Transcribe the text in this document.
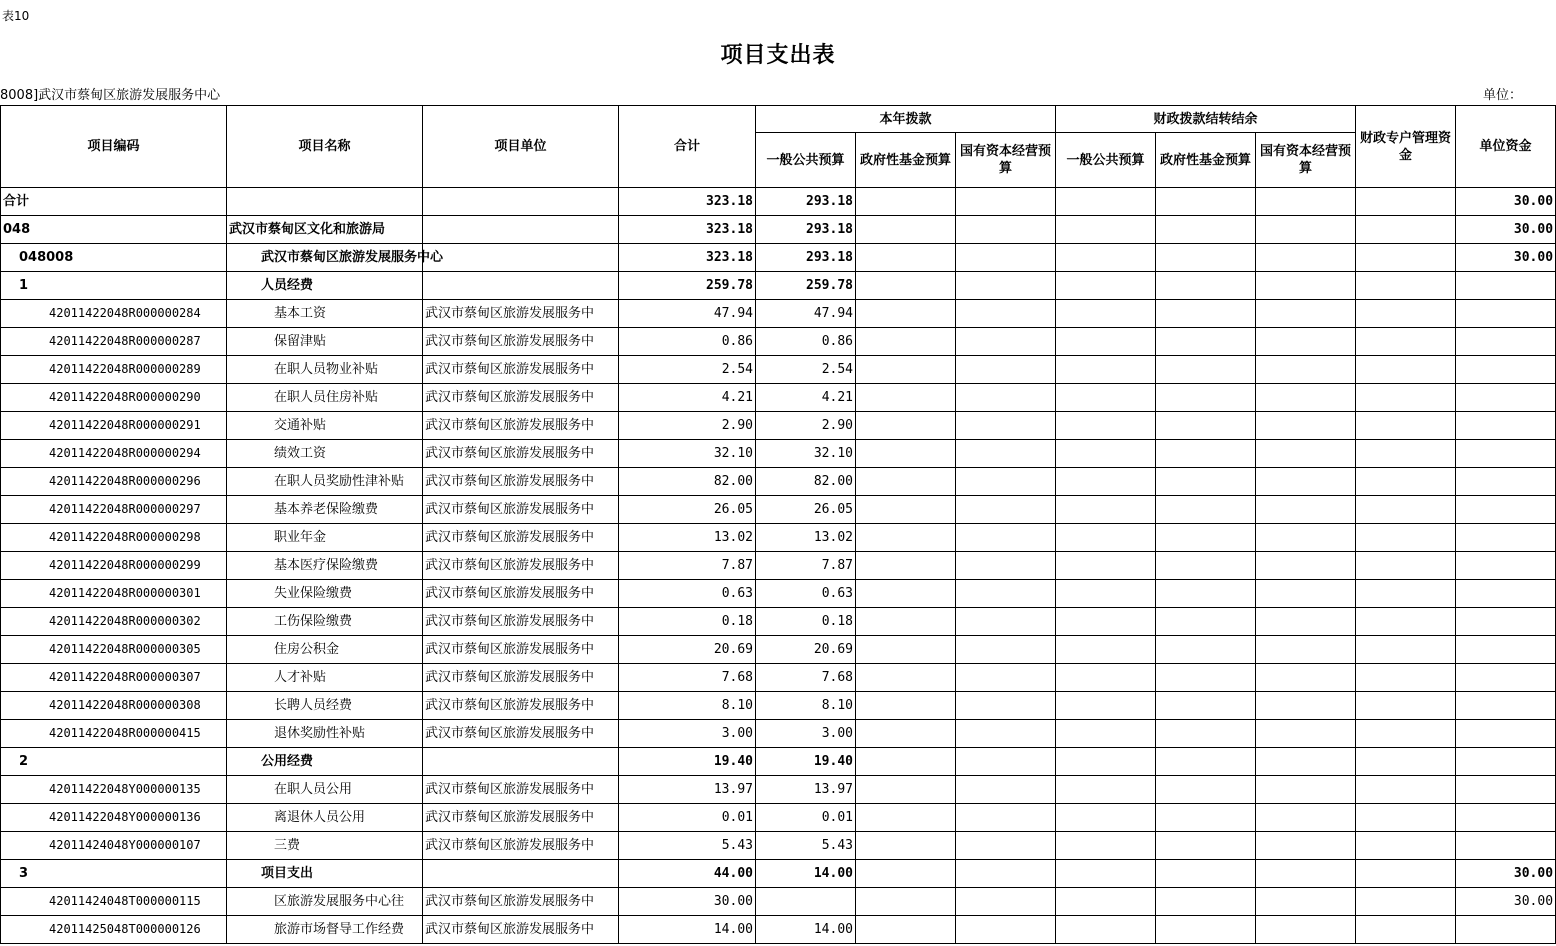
表10
项目支出表
8008]武汉市蔡甸区旅游发展服务中心	单位：
项目编码	项目名称	项目单位	合计	本年拨款			财政拨款结转结余			财政专户管理资金	单位资金
				一般公共预算	政府性基金预算	国有资本经营预算	一般公共预算	政府性基金预算	国有资本经营预算		
合计			323.18	293.18							30.00
048	武汉市蔡甸区文化和旅游局		323.18	293.18							30.00
048008	武汉市蔡甸区旅游发展服务中心		323.18	293.18							30.00
1	人员经费		259.78	259.78							
42011422048R000000284	基本工资	武汉市蔡甸区旅游发展服务中	47.94	47.94							
42011422048R000000287	保留津贴	武汉市蔡甸区旅游发展服务中	0.86	0.86							
42011422048R000000289	在职人员物业补贴	武汉市蔡甸区旅游发展服务中	2.54	2.54							
42011422048R000000290	在职人员住房补贴	武汉市蔡甸区旅游发展服务中	4.21	4.21							
42011422048R000000291	交通补贴	武汉市蔡甸区旅游发展服务中	2.90	2.90							
42011422048R000000294	绩效工资	武汉市蔡甸区旅游发展服务中	32.10	32.10							
42011422048R000000296	在职人员奖励性津补贴	武汉市蔡甸区旅游发展服务中	82.00	82.00							
42011422048R000000297	基本养老保险缴费	武汉市蔡甸区旅游发展服务中	26.05	26.05							
42011422048R000000298	职业年金	武汉市蔡甸区旅游发展服务中	13.02	13.02							
42011422048R000000299	基本医疗保险缴费	武汉市蔡甸区旅游发展服务中	7.87	7.87							
42011422048R000000301	失业保险缴费	武汉市蔡甸区旅游发展服务中	0.63	0.63							
42011422048R000000302	工伤保险缴费	武汉市蔡甸区旅游发展服务中	0.18	0.18							
42011422048R000000305	住房公积金	武汉市蔡甸区旅游发展服务中	20.69	20.69							
42011422048R000000307	人才补贴	武汉市蔡甸区旅游发展服务中	7.68	7.68							
42011422048R000000308	长聘人员经费	武汉市蔡甸区旅游发展服务中	8.10	8.10							
42011422048R000000415	退休奖励性补贴	武汉市蔡甸区旅游发展服务中	3.00	3.00							
2	公用经费		19.40	19.40							
42011422048Y000000135	在职人员公用	武汉市蔡甸区旅游发展服务中	13.97	13.97							
42011422048Y000000136	离退休人员公用	武汉市蔡甸区旅游发展服务中	0.01	0.01							
42011424048Y000000107	三费	武汉市蔡甸区旅游发展服务中	5.43	5.43							
3	项目支出		44.00	14.00							30.00
42011424048T000000115	区旅游发展服务中心往	武汉市蔡甸区旅游发展服务中	30.00								30.00
42011425048T000000126	旅游市场督导工作经费	武汉市蔡甸区旅游发展服务中	14.00	14.00							
